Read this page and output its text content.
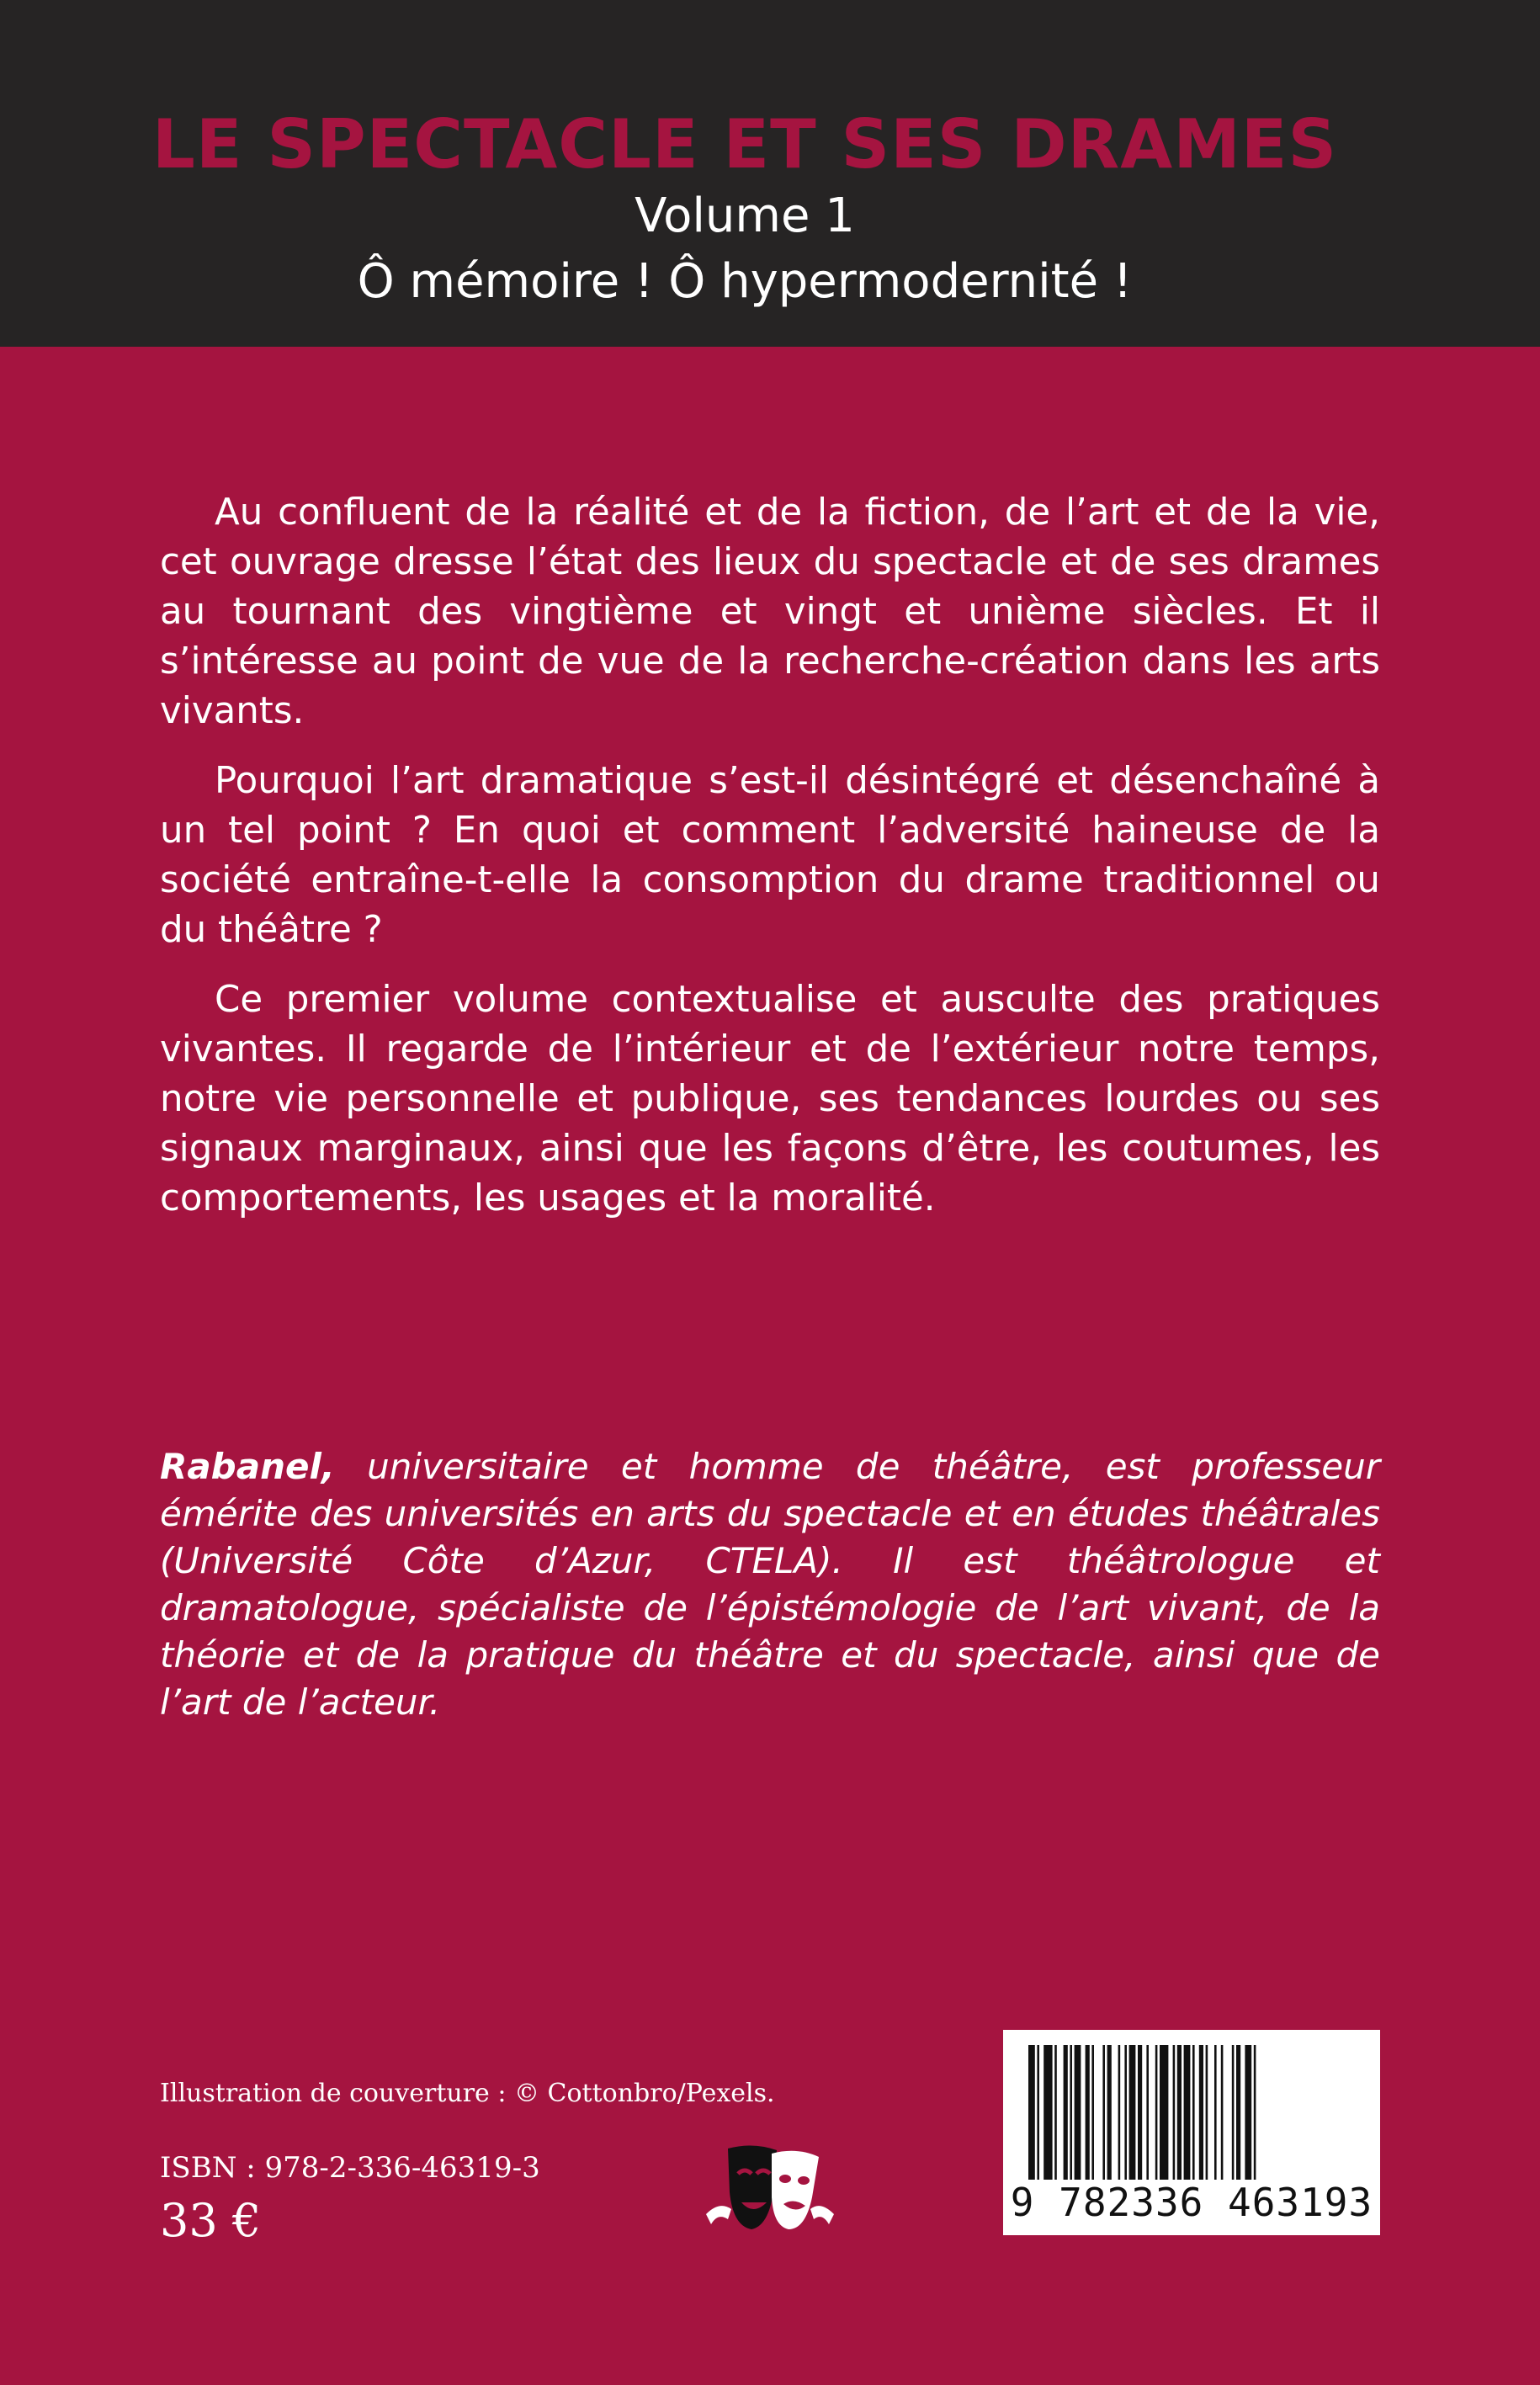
LE SPECTACLE ET SES DRAMES
Volume 1
Ô mémoire ! Ô hypermodernité !

Au confluent de la réalité et de la fiction, de l’art et de la vie, cet ouvrage dresse l’état des lieux du spectacle et de ses drames au tournant des vingtième et vingt et unième siècles. Et il s’intéresse au point de vue de la recherche-création dans les arts vivants.

Pourquoi l’art dramatique s’est-il désintégré et désenchaîné à un tel point ? En quoi et comment l’adversité haineuse de la société entraîne-t-elle la consomption du drame traditionnel ou du théâtre ?

Ce premier volume contextualise et ausculte des pratiques vivantes. Il regarde de l’intérieur et de l’extérieur notre temps, notre vie personnelle et publique, ses tendances lourdes ou ses signaux marginaux, ainsi que les façons d’être, les coutumes, les comportements, les usages et la moralité.

Rabanel, universitaire et homme de théâtre, est professeur émérite des universités en arts du spectacle et en études théâtrales (Université Côte d’Azur, CTELA). Il est théâtrologue et dramatologue, spécialiste de l’épistémologie de l’art vivant, de la théorie et de la pratique du théâtre et du spectacle, ainsi que de l’art de l’acteur.
Illustration de couverture : © Cottonbro/Pexels.
ISBN : 978-2-336-46319-3
33 €	9 782336 463193
